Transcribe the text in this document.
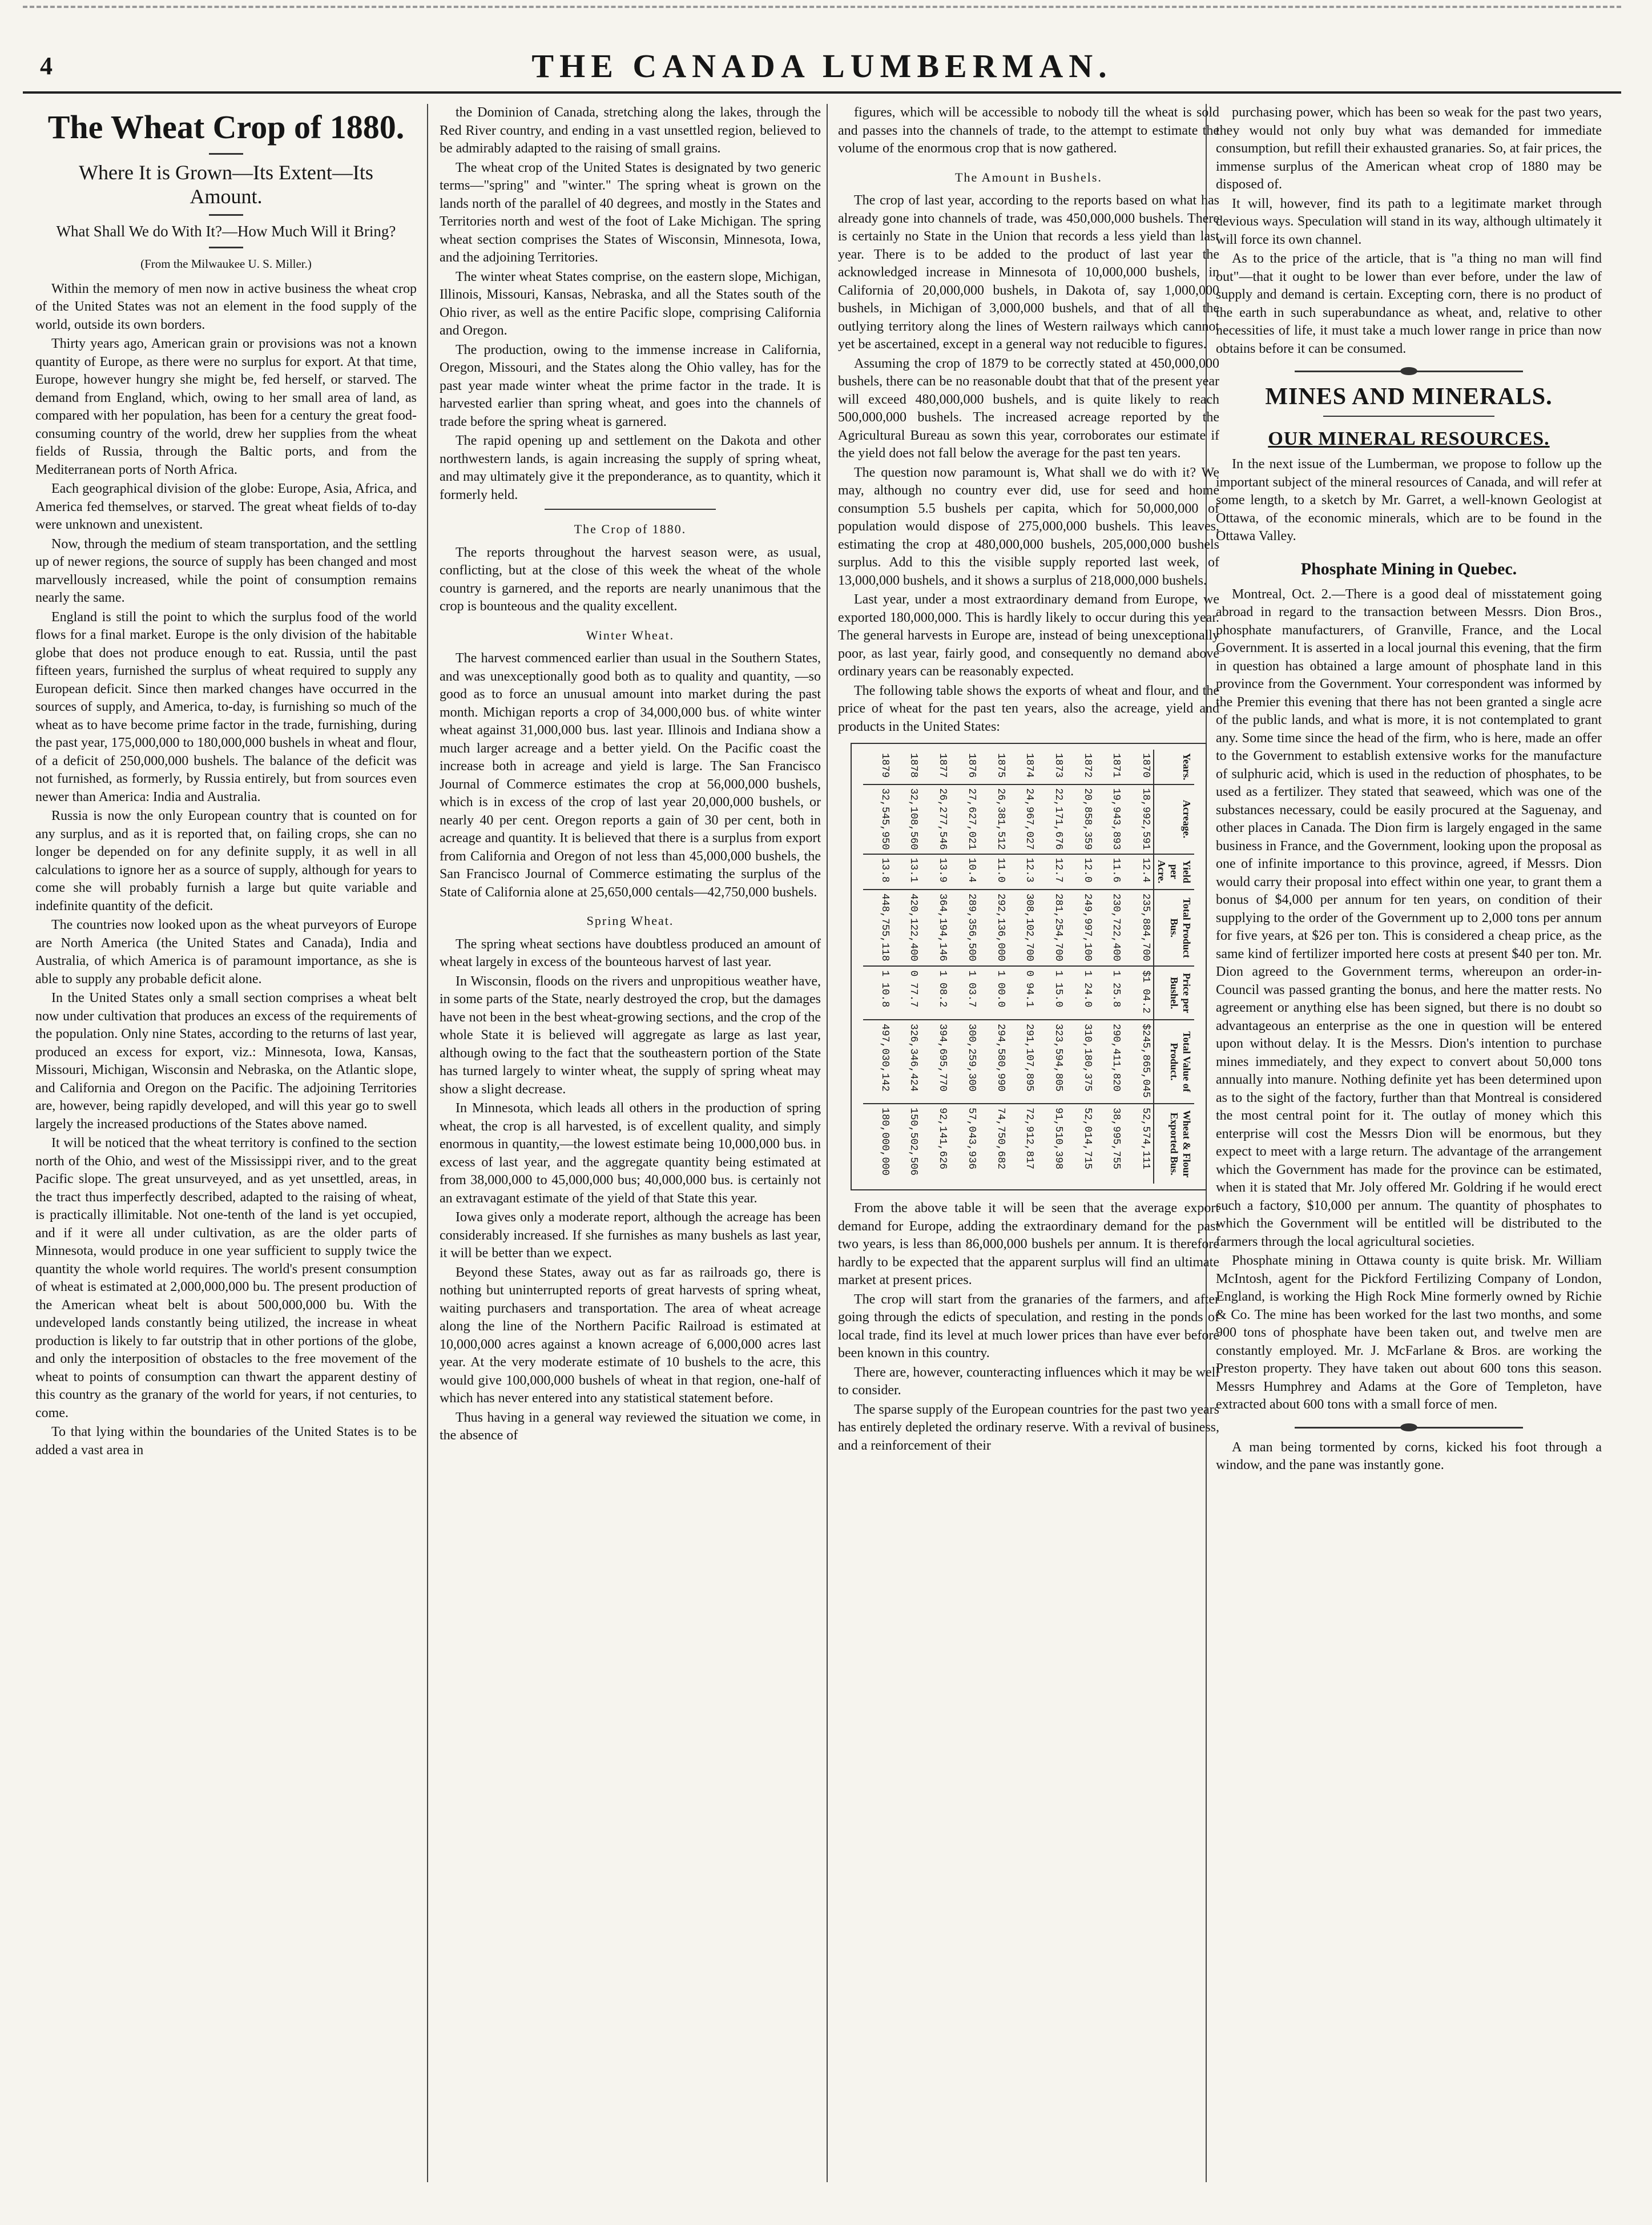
4	THE CANADA LUMBERMAN.
The Wheat Crop of 1880.
Where It is Grown—Its Extent—Its Amount.
What Shall We do With It?—How Much Will it Bring?

(From the Milwaukee U. S. Miller.)

Within the memory of men now in active business the wheat crop of the United States was not an element in the food supply of the world, outside its own borders.

Thirty years ago, American grain or provisions was not a known quantity of Europe, as there were no surplus for export. At that time, Europe, however hungry she might be, fed herself, or starved. The demand from England, which, owing to her small area of land, as compared with her population, has been for a century the great food-consuming country of the world, drew her supplies from the wheat fields of Russia, through the Baltic ports, and from the Mediterranean ports of North Africa.

Each geographical division of the globe: Europe, Asia, Africa, and America fed themselves, or starved. The great wheat fields of to-day were unknown and unexistent.

Now, through the medium of steam transportation, and the settling up of newer regions, the source of supply has been changed and most marvellously increased, while the point of consumption remains nearly the same.

England is still the point to which the surplus food of the world flows for a final market. Europe is the only division of the habitable globe that does not produce enough to eat. Russia, until the past fifteen years, furnished the surplus of wheat required to supply any European deficit. Since then marked changes have occurred in the sources of supply, and America, to-day, is furnishing so much of the wheat as to have become prime factor in the trade, furnishing, during the past year, 175,000,000 to 180,000,000 bushels in wheat and flour, of a deficit of 250,000,000 bushels. The balance of the deficit was not furnished, as formerly, by Russia entirely, but from sources even newer than America: India and Australia.

Russia is now the only European country that is counted on for any surplus, and as it is reported that, on failing crops, she can no longer be depended on for any definite supply, it as well in all calculations to ignore her as a source of supply, although for years to come she will probably furnish a large but quite variable and indefinite quantity of the deficit.

The countries now looked upon as the wheat purveyors of Europe are North America (the United States and Canada), India and Australia, of which America is of paramount importance, as she is able to supply any probable deficit alone.

In the United States only a small section comprises a wheat belt now under cultivation that produces an excess of the requirements of the population. Only nine States, according to the returns of last year, produced an excess for export, viz.: Minnesota, Iowa, Kansas, Missouri, Michigan, Wisconsin and Nebraska, on the Atlantic slope, and California and Oregon on the Pacific. The adjoining Territories are, however, being rapidly developed, and will this year go to swell largely the increased productions of the States above named.

It will be noticed that the wheat territory is confined to the section north of the Ohio, and west of the Mississippi river, and to the great Pacific slope. The great unsurveyed, and as yet unsettled, areas, in the tract thus imperfectly described, adapted to the raising of wheat, is practically illimitable. Not one-tenth of the land is yet occupied, and if it were all under cultivation, as are the older parts of Minnesota, would produce in one year sufficient to supply twice the quantity the whole world requires. The world's present consumption of wheat is estimated at 2,000,000,000 bu. The present production of the American wheat belt is about 500,000,000 bu. With the undeveloped lands constantly being utilized, the increase in wheat production is likely to far outstrip that in other portions of the globe, and only the interposition of obstacles to the free movement of the wheat to points of consumption can thwart the apparent destiny of this country as the granary of the world for years, if not centuries, to come.

To that lying within the boundaries of the United States is to be added a vast area in

the Dominion of Canada, stretching along the lakes, through the Red River country, and ending in a vast unsettled region, believed to be admirably adapted to the raising of small grains.

The wheat crop of the United States is designated by two generic terms—"spring" and "winter." The spring wheat is grown on the lands north of the parallel of 40 degrees, and mostly in the States and Territories north and west of the foot of Lake Michigan. The spring wheat section comprises the States of Wisconsin, Minnesota, Iowa, and the adjoining Territories.

The winter wheat States comprise, on the eastern slope, Michigan, Illinois, Missouri, Kansas, Nebraska, and all the States south of the Ohio river, as well as the entire Pacific slope, comprising California and Oregon.

The production, owing to the immense increase in California, Oregon, Missouri, and the States along the Ohio valley, has for the past year made winter wheat the prime factor in the trade. It is harvested earlier than spring wheat, and goes into the channels of trade before the spring wheat is garnered.

The rapid opening up and settlement on the Dakota and other northwestern lands, is again increasing the supply of spring wheat, and may ultimately give it the preponderance, as to quantity, which it formerly held.

The Crop of 1880.

The reports throughout the harvest season were, as usual, conflicting, but at the close of this week the wheat of the whole country is garnered, and the reports are nearly unanimous that the crop is bounteous and the quality excellent.

Winter Wheat.

The harvest commenced earlier than usual in the Southern States, and was unexceptionally good both as to quality and quantity, —so good as to force an unusual amount into market during the past month. Michigan reports a crop of 34,000,000 bus. of white winter wheat against 31,000,000 bus. last year. Illinois and Indiana show a much larger acreage and a better yield. On the Pacific coast the increase both in acreage and yield is large. The San Francisco Journal of Commerce estimates the crop at 56,000,000 bushels, which is in excess of the crop of last year 20,000,000 bushels, or nearly 40 per cent. Oregon reports a gain of 30 per cent, both in acreage and quantity. It is believed that there is a surplus from export from California and Oregon of not less than 45,000,000 bushels, the San Francisco Journal of Commerce estimating the surplus of the State of California alone at 25,650,000 centals—42,750,000 bushels.

Spring Wheat.

The spring wheat sections have doubtless produced an amount of wheat largely in excess of the bounteous harvest of last year.

In Wisconsin, floods on the rivers and unpropitious weather have, in some parts of the State, nearly destroyed the crop, but the damages have not been in the best wheat-growing sections, and the crop of the whole State it is believed will aggregate as large as last year, although owing to the fact that the southeastern portion of the State has turned largely to winter wheat, the supply of spring wheat may show a slight decrease.

In Minnesota, which leads all others in the production of spring wheat, the crop is all harvested, is of excellent quality, and simply enormous in quantity,—the lowest estimate being 10,000,000 bus. in excess of last year, and the aggregate quantity being estimated at from 38,000,000 to 45,000,000 bus; 40,000,000 bus. is certainly not an extravagant estimate of the yield of that State this year.

Iowa gives only a moderate report, although the acreage has been considerably increased. If she furnishes as many bushels as last year, it will be better than we expect.

Beyond these States, away out as far as railroads go, there is nothing but uninterrupted reports of great harvests of spring wheat, waiting purchasers and transportation. The area of wheat acreage along the line of the Northern Pacific Railroad is estimated at 10,000,000 acres against a known acreage of 6,000,000 acres last year. At the very moderate estimate of 10 bushels to the acre, this would give 100,000,000 bushels of wheat in that region, one-half of which has never entered into any statistical statement before.

Thus having in a general way reviewed the situation we come, in the absence of

figures, which will be accessible to nobody till the wheat is sold and passes into the channels of trade, to the attempt to estimate the volume of the enormous crop that is now gathered.

The Amount in Bushels.

The crop of last year, according to the reports based on what has already gone into channels of trade, was 450,000,000 bushels. There is certainly no State in the Union that records a less yield than last year. There is to be added to the product of last year the acknowledged increase in Minnesota of 10,000,000 bushels, in California of 20,000,000 bushels, in Dakota of, say 1,000,000 bushels, in Michigan of 3,000,000 bushels, and that of all the outlying territory along the lines of Western railways which cannot yet be ascertained, except in a general way not reducible to figures.

Assuming the crop of 1879 to be correctly stated at 450,000,000 bushels, there can be no reasonable doubt that that of the present year will exceed 480,000,000 bushels, and is quite likely to reach 500,000,000 bushels. The increased acreage reported by the Agricultural Bureau as sown this year, corroborates our estimate if the yield does not fall below the average for the past ten years.

The question now paramount is, What shall we do with it? We may, although no country ever did, use for seed and home consumption 5.5 bushels per capita, which for 50,000,000 of population would dispose of 275,000,000 bushels. This leaves, estimating the crop at 480,000,000 bushels, 205,000,000 bushels surplus. Add to this the visible supply reported last week, of 13,000,000 bushels, and it shows a surplus of 218,000,000 bushels.

Last year, under a most extraordinary demand from Europe, we exported 180,000,000. This is hardly likely to occur during this year. The general harvests in Europe are, instead of being unexceptionally poor, as last year, fairly good, and consequently no demand above ordinary years can be reasonably expected.

The following table shows the exports of wheat and flour, and the price of wheat for the past ten years, also the acreage, yield and products in the United States:

Years.	Acreage.	Yield per Acre.	Total Product Bus.	Price per Bushel.	Total Value of Product.	Wheat & Flour Exported Bus.
1870	18,992,591	12.4	235,884,700	$1 04.2	$245,865,045	52,574,111
1871	19,943,893	11.6	230,722,400	1 25.8	290,411,820	38,995,755
1872	20,858,359	12.0	249,997,100	1 24.0	310,180,375	52,014,715
1873	22,171,676	12.7	281,254,700	1 15.0	323,594,805	91,510,398
1874	24,967,027	12.3	308,102,700	0 94.1	291,107,895	72,912,817
1875	26,381,512	11.0	292,136,000	1 00.0	294,580,990	74,750,682
1876	27,627,021	10.4	289,356,500	1 03.7	300,259,300	57,043,936
1877	26,277,546	13.9	364,194,146	1 08.2	394,695,770	92,141,626
1878	32,108,560	13.1	420,122,400	0 77.7	326,346,424	150,502,506
1879	32,545,950	13.8	448,755,118	1 10.8	497,030,142	180,000,000

From the above table it will be seen that the average export demand for Europe, adding the extraordinary demand for the past two years, is less than 86,000,000 bushels per annum. It is therefore hardly to be expected that the apparent surplus will find an ultimate market at present prices.

The crop will start from the granaries of the farmers, and after going through the edicts of speculation, and resting in the ponds of local trade, find its level at much lower prices than have ever before been known in this country.

There are, however, counteracting influences which it may be well to consider.

The sparse supply of the European countries for the past two years has entirely depleted the ordinary reserve. With a revival of business, and a reinforcement of their

purchasing power, which has been so weak for the past two years, they would not only buy what was demanded for immediate consumption, but refill their exhausted granaries. So, at fair prices, the immense surplus of the American wheat crop of 1880 may be disposed of.

It will, however, find its path to a legitimate market through devious ways. Speculation will stand in its way, although ultimately it will force its own channel.

As to the price of the article, that is "a thing no man will find out"—that it ought to be lower than ever before, under the law of supply and demand is certain. Excepting corn, there is no product of the earth in such superabundance as wheat, and, relative to other necessities of life, it must take a much lower range in price than now obtains before it can be consumed.

MINES AND MINERALS.
OUR MINERAL RESOURCES.

In the next issue of the Lumberman, we propose to follow up the important subject of the mineral resources of Canada, and will refer at some length, to a sketch by Mr. Garret, a well-known Geologist at Ottawa, of the economic minerals, which are to be found in the Ottawa Valley.

Phosphate Mining in Quebec.

Montreal, Oct. 2.—There is a good deal of misstatement going abroad in regard to the transaction between Messrs. Dion Bros., phosphate manufacturers, of Granville, France, and the Local Government. It is asserted in a local journal this evening, that the firm in question has obtained a large amount of phosphate land in this province from the Government. Your correspondent was informed by the Premier this evening that there has not been granted a single acre of the public lands, and what is more, it is not contemplated to grant any. Some time since the head of the firm, who is here, made an offer to the Government to establish extensive works for the manufacture of sulphuric acid, which is used in the reduction of phosphates, to be used as a fertilizer. They stated that seaweed, which was one of the substances necessary, could be easily procured at the Saguenay, and other places in Canada. The Dion firm is largely engaged in the same business in France, and the Government, looking upon the proposal as one of infinite importance to this province, agreed, if Messrs. Dion would carry their proposal into effect within one year, to grant them a bonus of $4,000 per annum for ten years, on condition of their supplying to the order of the Government up to 2,000 tons per annum for five years, at $26 per ton. This is considered a cheap price, as the same kind of fertilizer imported here costs at present $40 per ton. Mr. Dion agreed to the Government terms, whereupon an order-in-Council was passed granting the bonus, and here the matter rests. No agreement or anything else has been signed, but there is no doubt so advantageous an enterprise as the one in question will be entered upon without delay. It is the Messrs. Dion's intention to purchase mines immediately, and they expect to convert about 50,000 tons annually into manure. Nothing definite yet has been determined upon as to the sight of the factory, further than that Montreal is considered the most central point for it. The outlay of money which this enterprise will cost the Messrs Dion will be enormous, but they expect to meet with a large return. The advantage of the arrangement which the Government has made for the province can be estimated, when it is stated that Mr. Joly offered Mr. Goldring if he would erect such a factory, $10,000 per annum. The quantity of phosphates to which the Government will be entitled will be distributed to the farmers through the local agricultural societies.

Phosphate mining in Ottawa county is quite brisk. Mr. William McIntosh, agent for the Pickford Fertilizing Company of London, England, is working the High Rock Mine formerly owned by Richie & Co. The mine has been worked for the last two months, and some 900 tons of phosphate have been taken out, and twelve men are constantly employed. Mr. J. McFarlane & Bros. are working the Preston property. They have taken out about 600 tons this season. Messrs Humphrey and Adams at the Gore of Templeton, have extracted about 600 tons with a small force of men.

A man being tormented by corns, kicked his foot through a window, and the pane was instantly gone.
